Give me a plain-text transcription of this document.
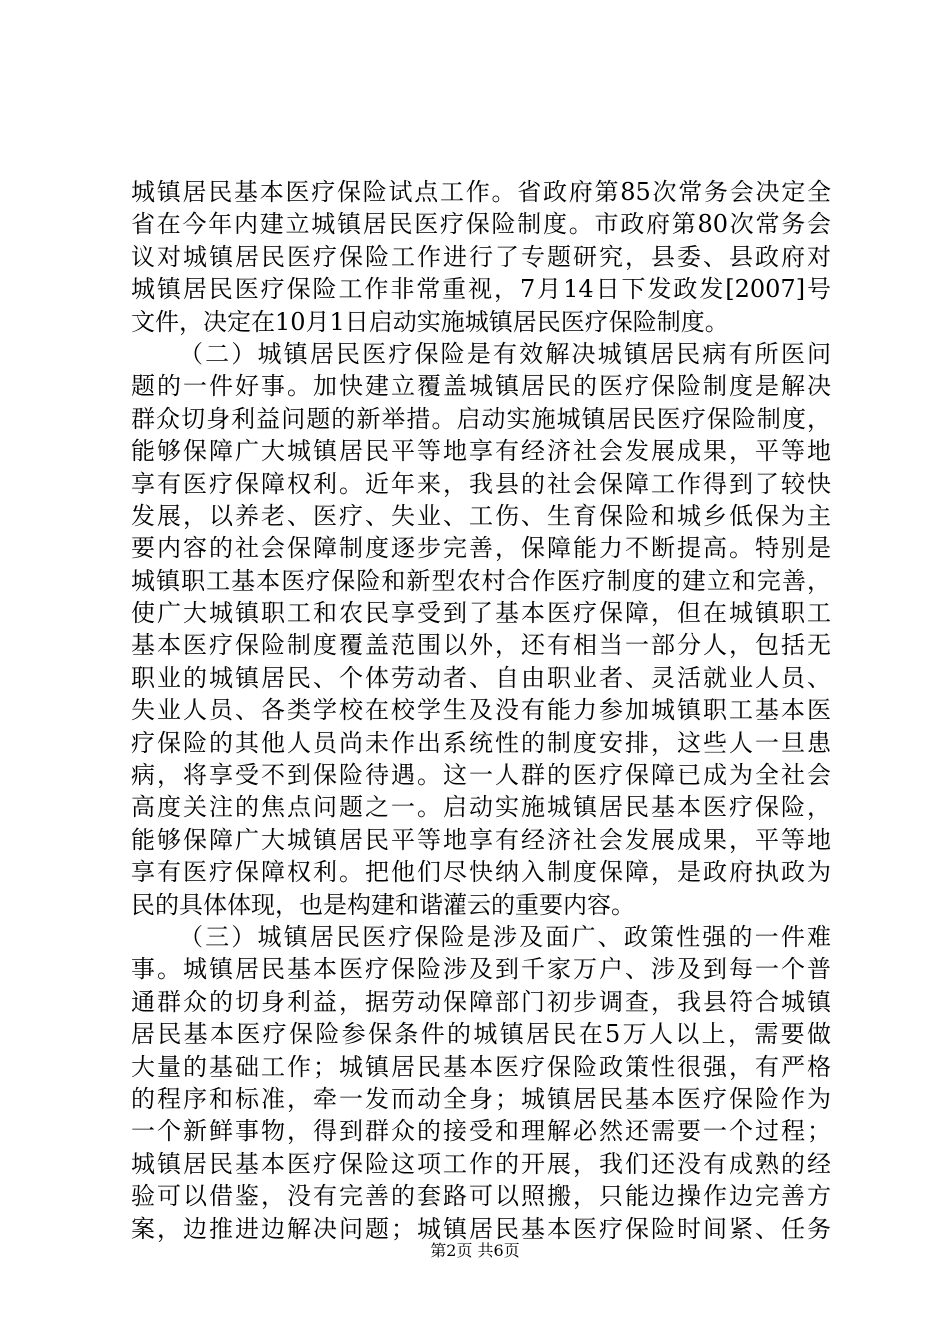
城镇居民基本医疗保险试点工作。省政府第85次常务会决定全
省在今年内建立城镇居民医疗保险制度。市政府第80次常务会
议对城镇居民医疗保险工作进行了专题研究，县委、县政府对
城镇居民医疗保险工作非常重视，7月14日下发政发[2007]号
文件，决定在10月1日启动实施城镇居民医疗保险制度。
（二）城镇居民医疗保险是有效解决城镇居民病有所医问
题的一件好事。加快建立覆盖城镇居民的医疗保险制度是解决
群众切身利益问题的新举措。启动实施城镇居民医疗保险制度，
能够保障广大城镇居民平等地享有经济社会发展成果，平等地
享有医疗保障权利。近年来，我县的社会保障工作得到了较快
发展，以养老、医疗、失业、工伤、生育保险和城乡低保为主
要内容的社会保障制度逐步完善，保障能力不断提高。特别是
城镇职工基本医疗保险和新型农村合作医疗制度的建立和完善，
使广大城镇职工和农民享受到了基本医疗保障，但在城镇职工
基本医疗保险制度覆盖范围以外，还有相当一部分人，包括无
职业的城镇居民、个体劳动者、自由职业者、灵活就业人员、
失业人员、各类学校在校学生及没有能力参加城镇职工基本医
疗保险的其他人员尚未作出系统性的制度安排，这些人一旦患
病，将享受不到保险待遇。这一人群的医疗保障已成为全社会
高度关注的焦点问题之一。启动实施城镇居民基本医疗保险，
能够保障广大城镇居民平等地享有经济社会发展成果，平等地
享有医疗保障权利。把他们尽快纳入制度保障，是政府执政为
民的具体体现，也是构建和谐灌云的重要内容。
（三）城镇居民医疗保险是涉及面广、政策性强的一件难
事。城镇居民基本医疗保险涉及到千家万户、涉及到每一个普
通群众的切身利益，据劳动保障部门初步调查，我县符合城镇
居民基本医疗保险参保条件的城镇居民在5万人以上，需要做
大量的基础工作；城镇居民基本医疗保险政策性很强，有严格
的程序和标准，牵一发而动全身；城镇居民基本医疗保险作为
一个新鲜事物，得到群众的接受和理解必然还需要一个过程；
城镇居民基本医疗保险这项工作的开展，我们还没有成熟的经
验可以借鉴，没有完善的套路可以照搬，只能边操作边完善方
案，边推进边解决问题；城镇居民基本医疗保险时间紧、任务
第2页 共6页
